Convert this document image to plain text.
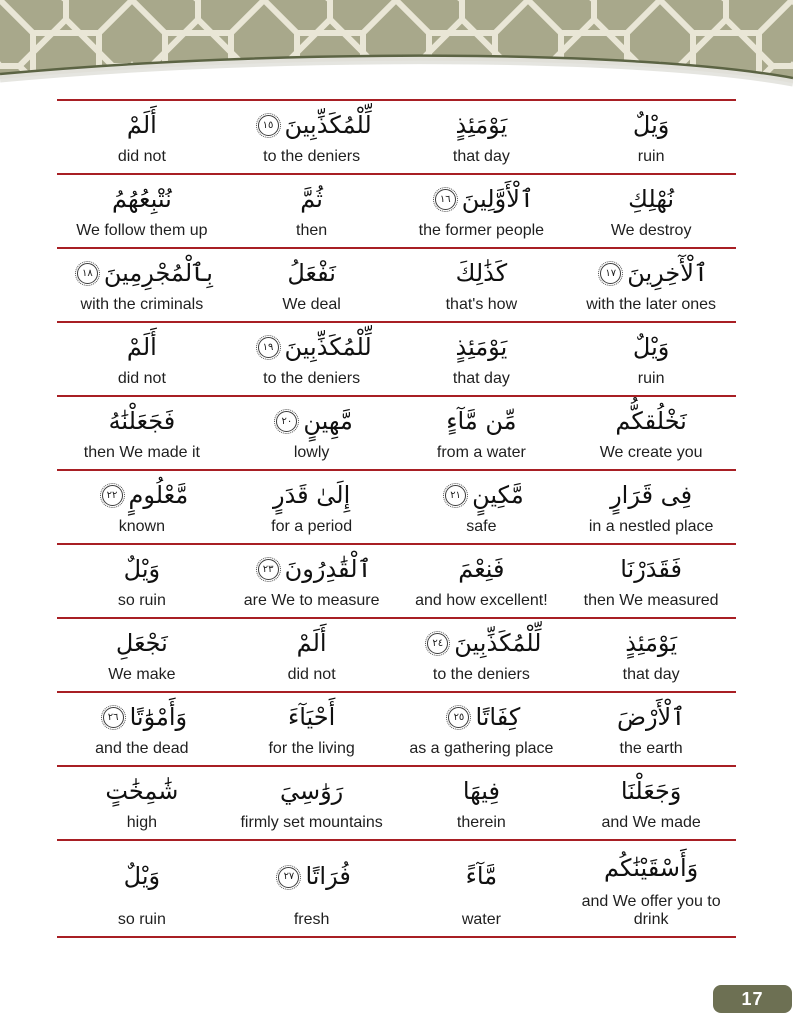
أَلَمْ
did not
لِّلْمُكَذِّبِينَ
١٥
to the deniers
يَوْمَئِذٍ
that day
وَيْلٌ
ruin
نُتْبِعُهُمُ
We follow them up
ثُمَّ
then
ٱلْأَوَّلِينَ
١٦
the former people
نُهْلِكِ
We destroy
بِٱلْمُجْرِمِينَ
١٨
with the criminals
نَفْعَلُ
We deal
كَذَٰلِكَ
that's how
ٱلْأٓخِرِينَ
١٧
with the later ones
أَلَمْ
did not
لِّلْمُكَذِّبِينَ
١٩
to the deniers
يَوْمَئِذٍ
that day
وَيْلٌ
ruin
فَجَعَلْنَٰهُ
then We made it
مَّهِينٍ
٢٠
lowly
مِّن مَّآءٍ
from a water
نَخْلُقكُّم
We create you
مَّعْلُومٍ
٢٢
known
إِلَىٰ قَدَرٍ
for a period
مَّكِينٍ
٢١
safe
فِى قَرَارٍ
in a nestled place
وَيْلٌ
so ruin
ٱلْقَٰدِرُونَ
٢٣
are We to measure
فَنِعْمَ
and how excellent!
فَقَدَرْنَا
then We measured
نَجْعَلِ
We make
أَلَمْ
did not
لِّلْمُكَذِّبِينَ
٢٤
to the deniers
يَوْمَئِذٍ
that day
وَأَمْوَٰتًا
٢٦
and the dead
أَحْيَآءَ
for the living
كِفَاتًا
٢٥
as a gathering place
ٱلْأَرْضَ
the earth
شَٰمِخَٰتٍ
high
رَوَٰسِيَ
firmly set mountains
فِيهَا
therein
وَجَعَلْنَا
and We made
وَيْلٌ
so ruin
فُرَاتًا
٢٧
fresh
مَّآءً
water
وَأَسْقَيْنَٰكُم
and We offer you to drink
17
